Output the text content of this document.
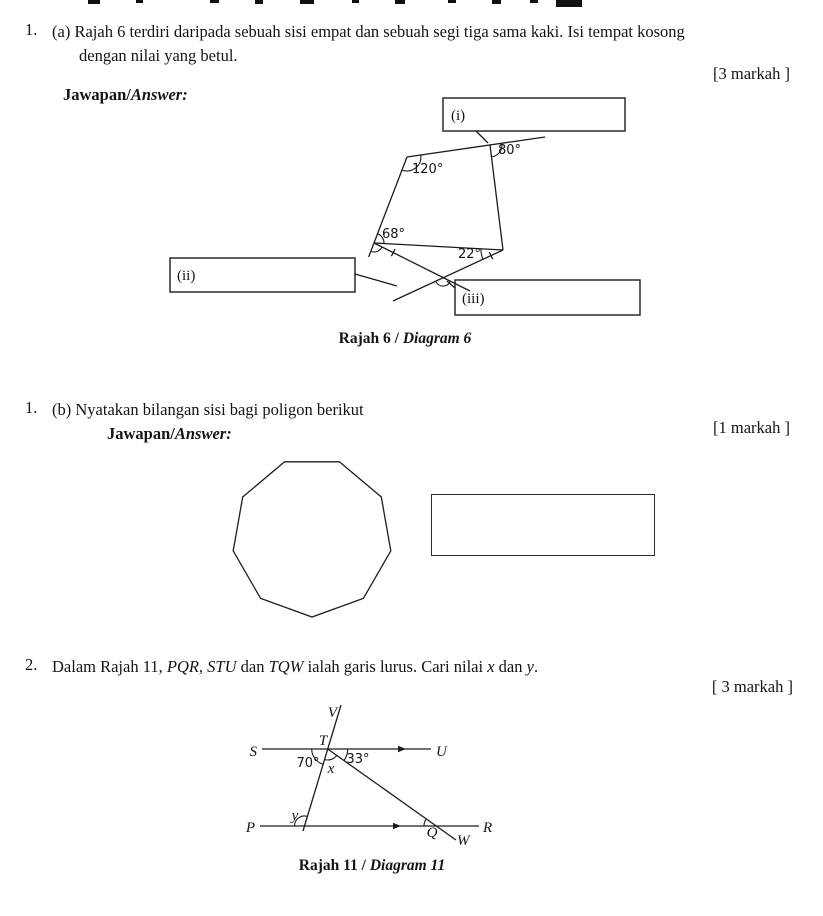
1. (a) Rajah 6 terdiri daripada sebuah sisi empat dan sebuah segi tiga sama kaki. Isi tempat kosong
dengan nilai yang betul.
[3 markah ]
Jawapan/Answer:
(i)
(ii)
(iii)
120°
80°
68°
22°
Rajah 6 / Diagram 6
1. (b) Nyatakan bilangan sisi bagi poligon berikut
[1 markah ]
Jawapan/Answer:
2. Dalam Rajah 11, PQR, STU dan TQW ialah garis lurus. Cari nilai x dan y.
[ 3 markah ]
V
S
T
U
P	Q	R
W
70° x
33°
y
Rajah 11 / Diagram 11
